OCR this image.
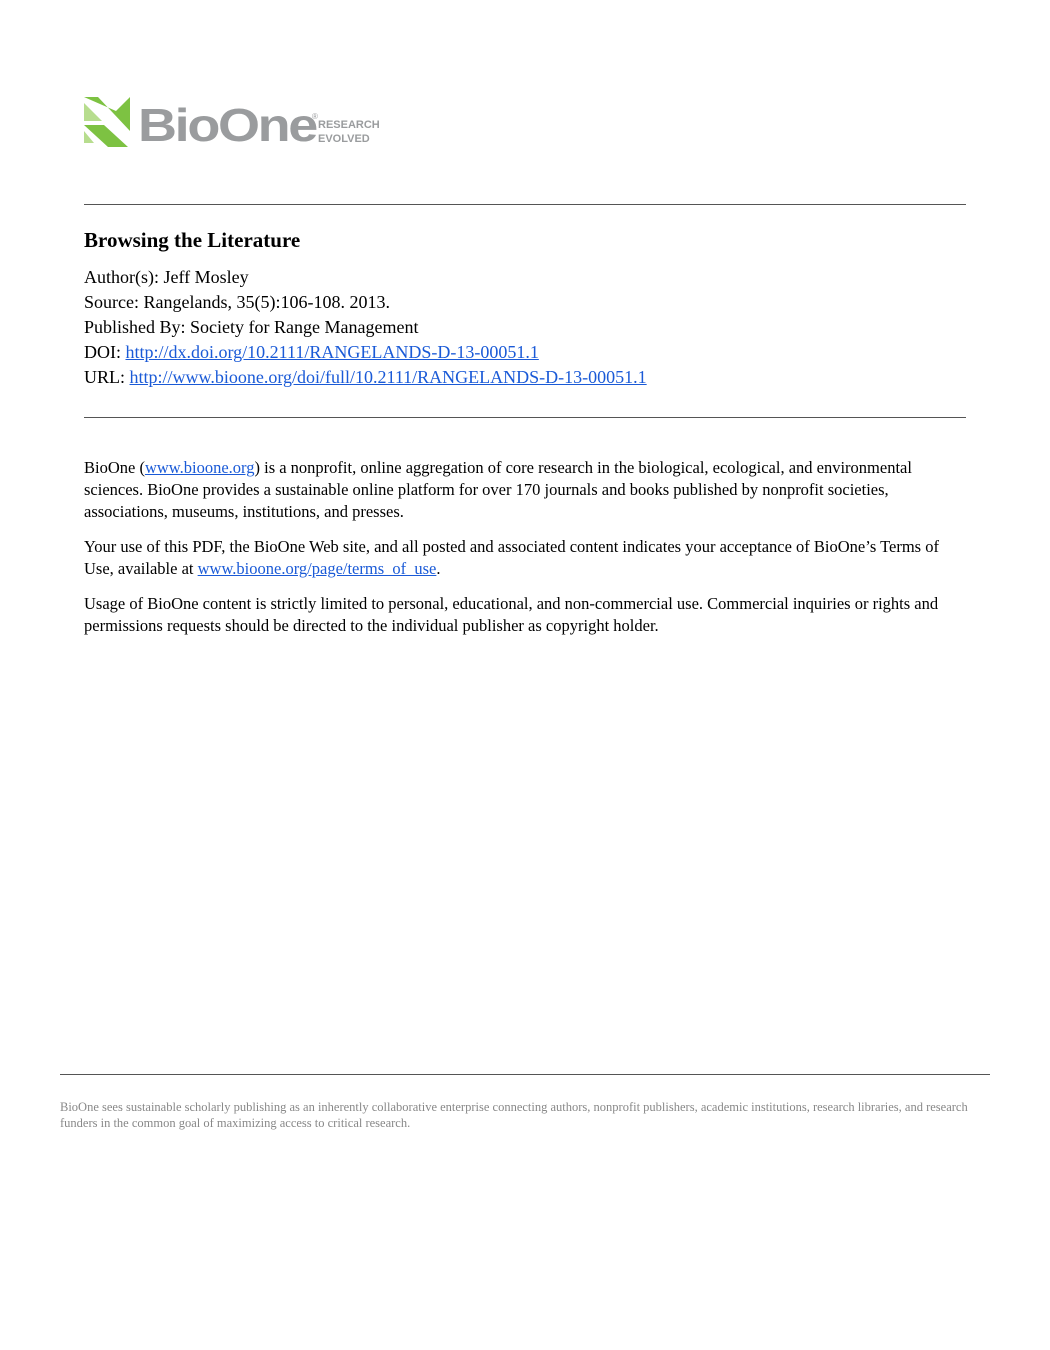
BioOne
®
RESEARCH
EVOLVED
Browsing the Literature
Author(s): Jeff Mosley
Source: Rangelands, 35(5):106-108. 2013.
Published By: Society for Range Management
DOI: http://dx.doi.org/10.2111/RANGELANDS-D-13-00051.1
URL: http://www.bioone.org/doi/full/10.2111/RANGELANDS-D-13-00051.1

BioOne (www.bioone.org) is a nonprofit, online aggregation of core research in the biological, ecological, and environmental sciences. BioOne provides a sustainable online platform for over 170 journals and books published by nonprofit societies, associations, museums, institutions, and presses.

Your use of this PDF, the BioOne Web site, and all posted and associated content indicates your acceptance of BioOne’s Terms of Use, available at www.bioone.org/page/terms_of_use.

Usage of BioOne content is strictly limited to personal, educational, and non-commercial use. Commercial inquiries or rights and permissions requests should be directed to the individual publisher as copyright holder.

BioOne sees sustainable scholarly publishing as an inherently collaborative enterprise connecting authors, nonprofit publishers, academic institutions, research libraries, and research funders in the common goal of maximizing access to critical research.
